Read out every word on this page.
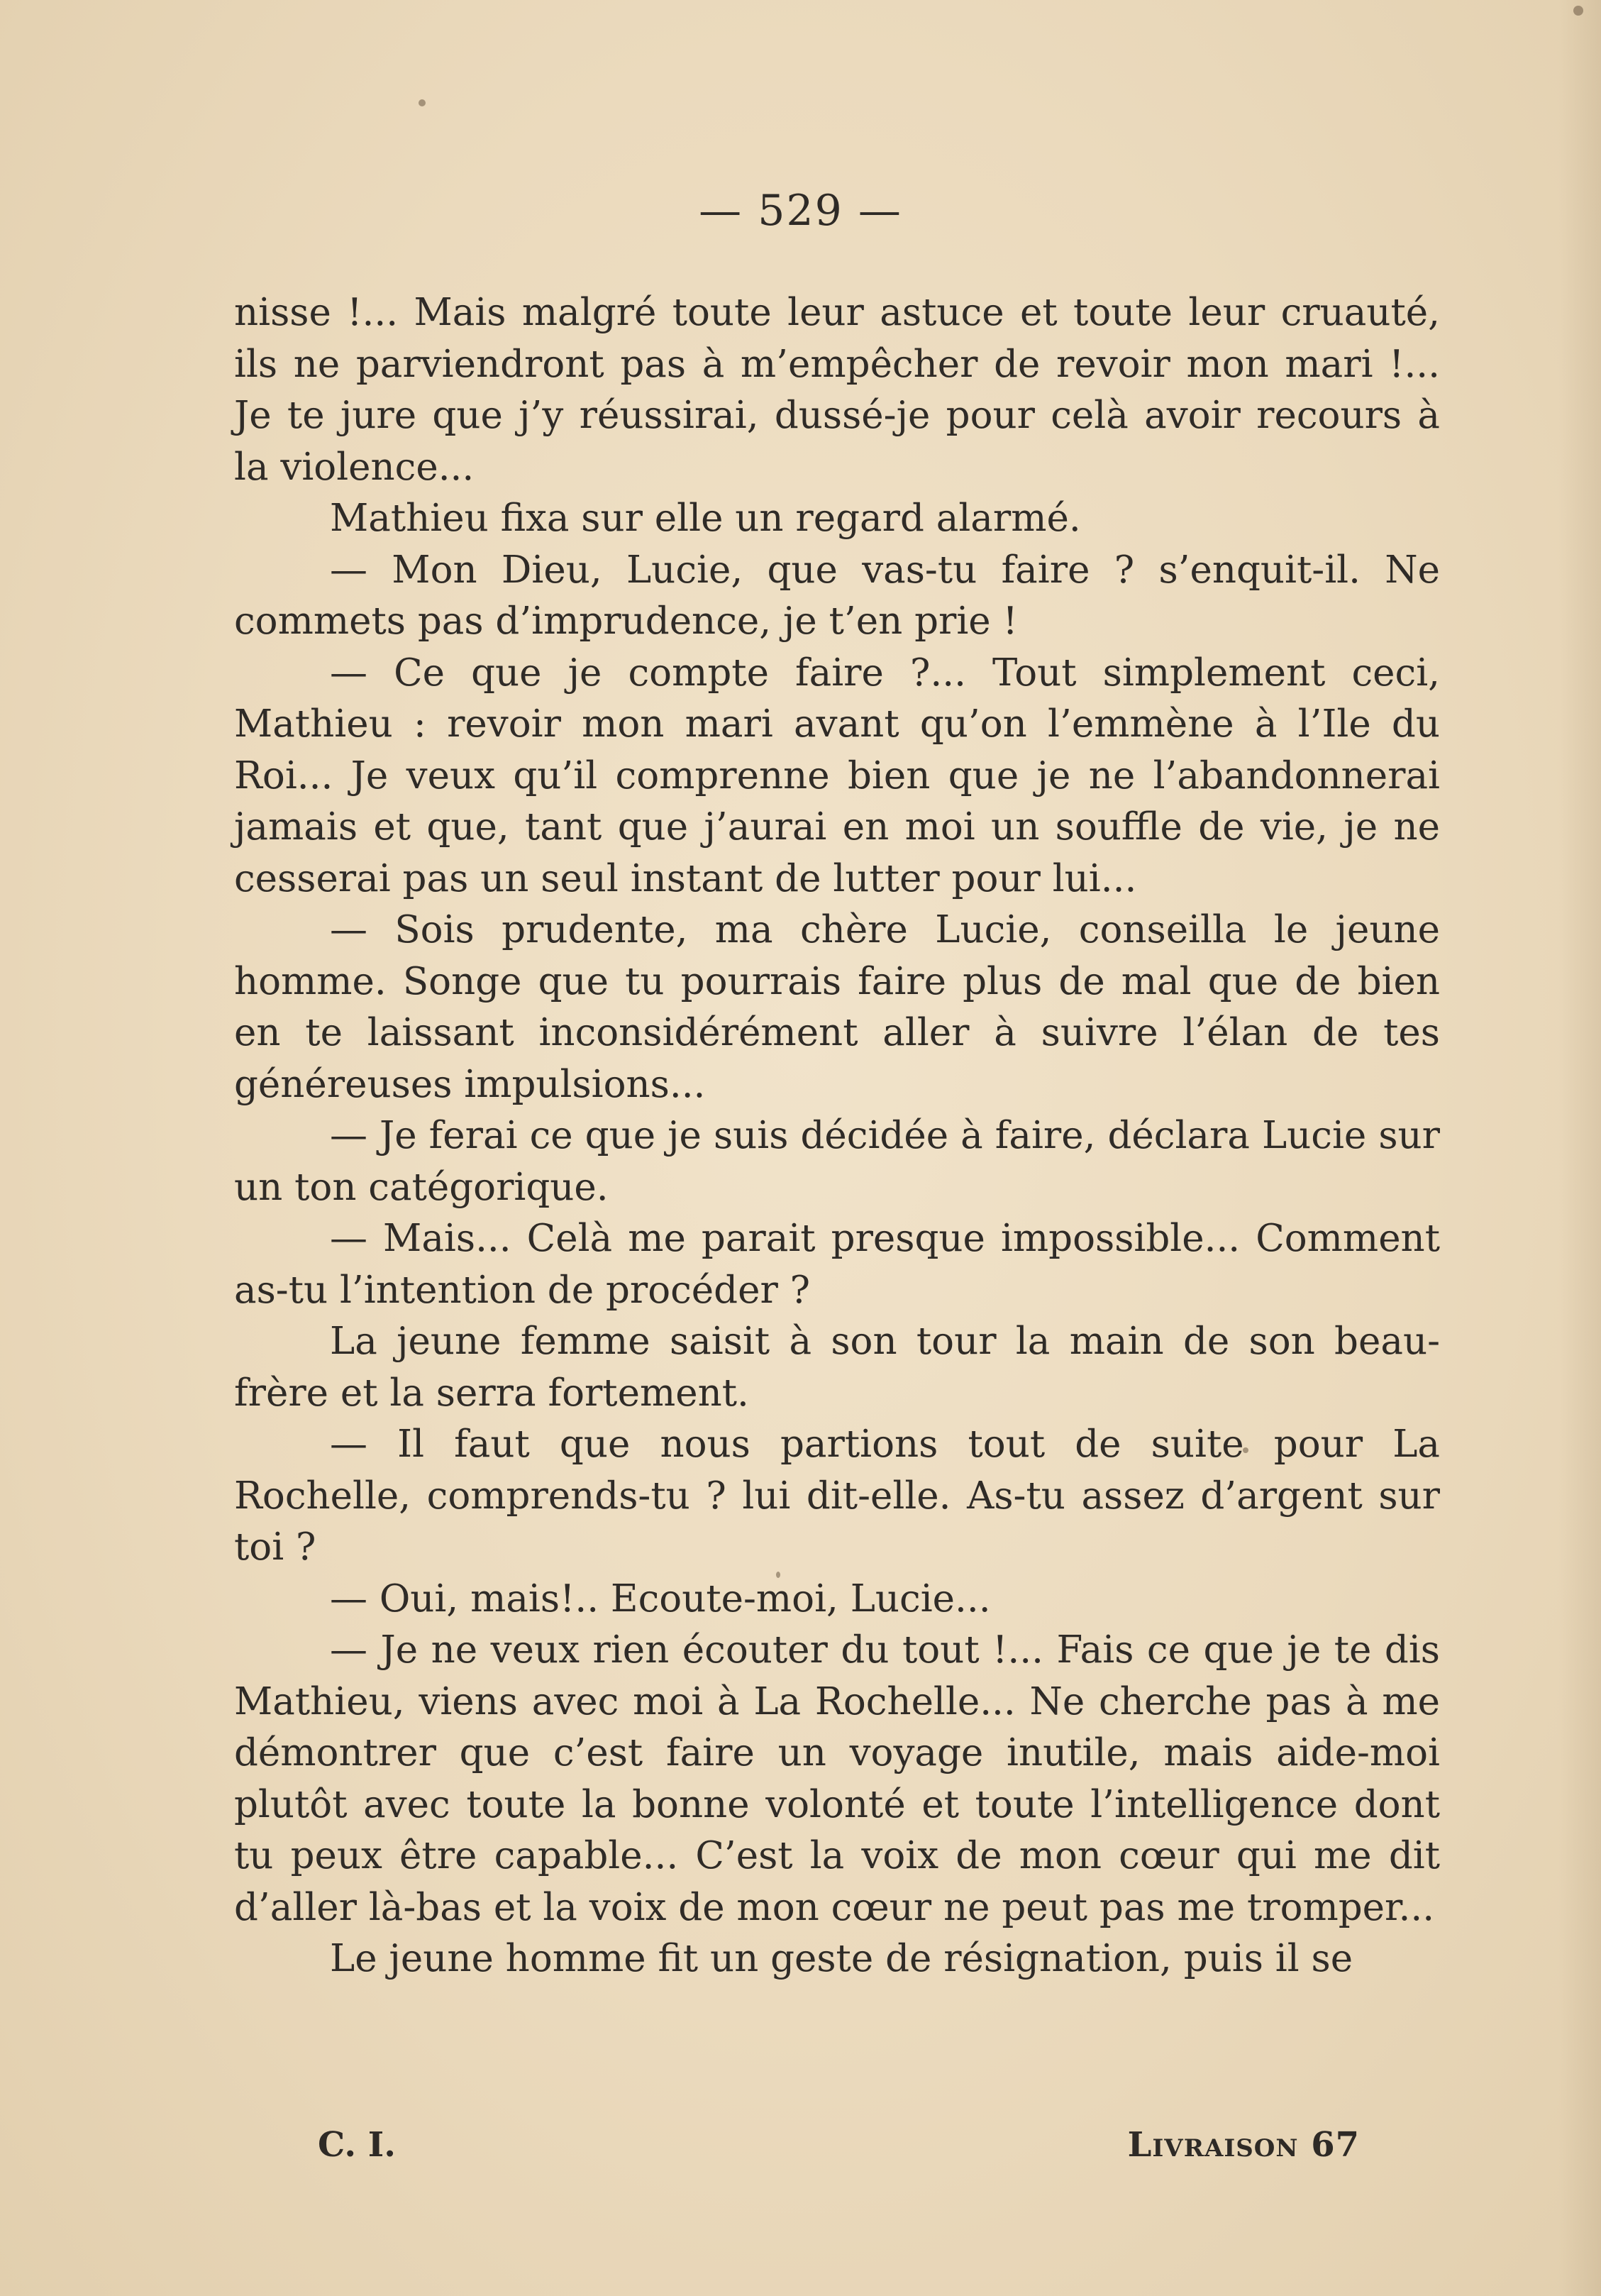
— 529 —

nisse !... Mais malgré toute leur astuce et toute leur cruauté, ils ne parviendront pas à m’empêcher de revoir mon mari !... Je te jure que j’y réussirai, dussé-je pour celà avoir recours à la violence...

Mathieu fixa sur elle un regard alarmé.

— Mon Dieu, Lucie, que vas-tu faire ? s’enquit-il. Ne commets pas d’imprudence, je t’en prie !

— Ce que je compte faire ?... Tout simplement ceci, Mathieu : revoir mon mari avant qu’on l’emmène à l’Ile du Roi... Je veux qu’il comprenne bien que je ne l’abandonnerai jamais et que, tant que j’aurai en moi un souffle de vie, je ne cesserai pas un seul instant de lutter pour lui...

— Sois prudente, ma chère Lucie, conseilla le jeune homme. Songe que tu pourrais faire plus de mal que de bien en te laissant inconsidérément aller à suivre l’élan de tes généreuses impulsions...

— Je ferai ce que je suis décidée à faire, déclara Lucie sur un ton catégorique.

— Mais... Celà me parait presque impossible... Comment as-tu l’intention de procéder ?

La jeune femme saisit à son tour la main de son beau-frère et la serra fortement.

— Il faut que nous partions tout de suite pour La Rochelle, comprends-tu ? lui dit-elle. As-tu assez d’argent sur toi ?

— Oui, mais!.. Ecoute-moi, Lucie...

— Je ne veux rien écouter du tout !... Fais ce que je te dis Mathieu, viens avec moi à La Rochelle... Ne cherche pas à me démontrer que c’est faire un voyage inutile, mais aide-moi plutôt avec toute la bonne volonté et toute l’intelligence dont tu peux être capable... C’est la voix de mon cœur qui me dit d’aller là-bas et la voix de mon cœur ne peut pas me tromper...

Le jeune homme fit un geste de résignation, puis il se

C. I.	Livraison 67
